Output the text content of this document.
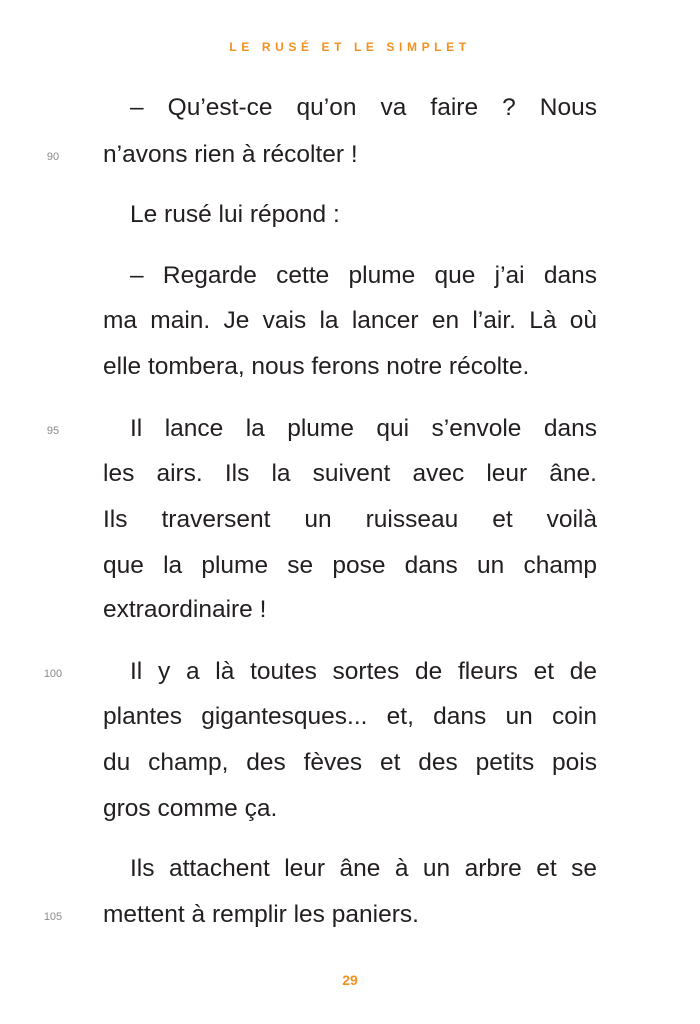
LE RUSÉ ET LE SIMPLET
– Qu’est-ce qu’on va faire ? Nous
n’avons rien à récolter !
Le rusé lui répond :
– Regarde cette plume que j’ai dans
ma main. Je vais la lancer en l’air. Là où
elle tombera, nous ferons notre récolte.
Il lance la plume qui s’envole dans
les airs. Ils la suivent avec leur âne.
Ils traversent un ruisseau et voilà
que la plume se pose dans un champ
extraordinaire !
Il y a là toutes sortes de fleurs et de
plantes gigantesques... et, dans un coin
du champ, des fèves et des petits pois
gros comme ça.
Ils attachent leur âne à un arbre et se
mettent à remplir les paniers.
90
95
100
105
29
